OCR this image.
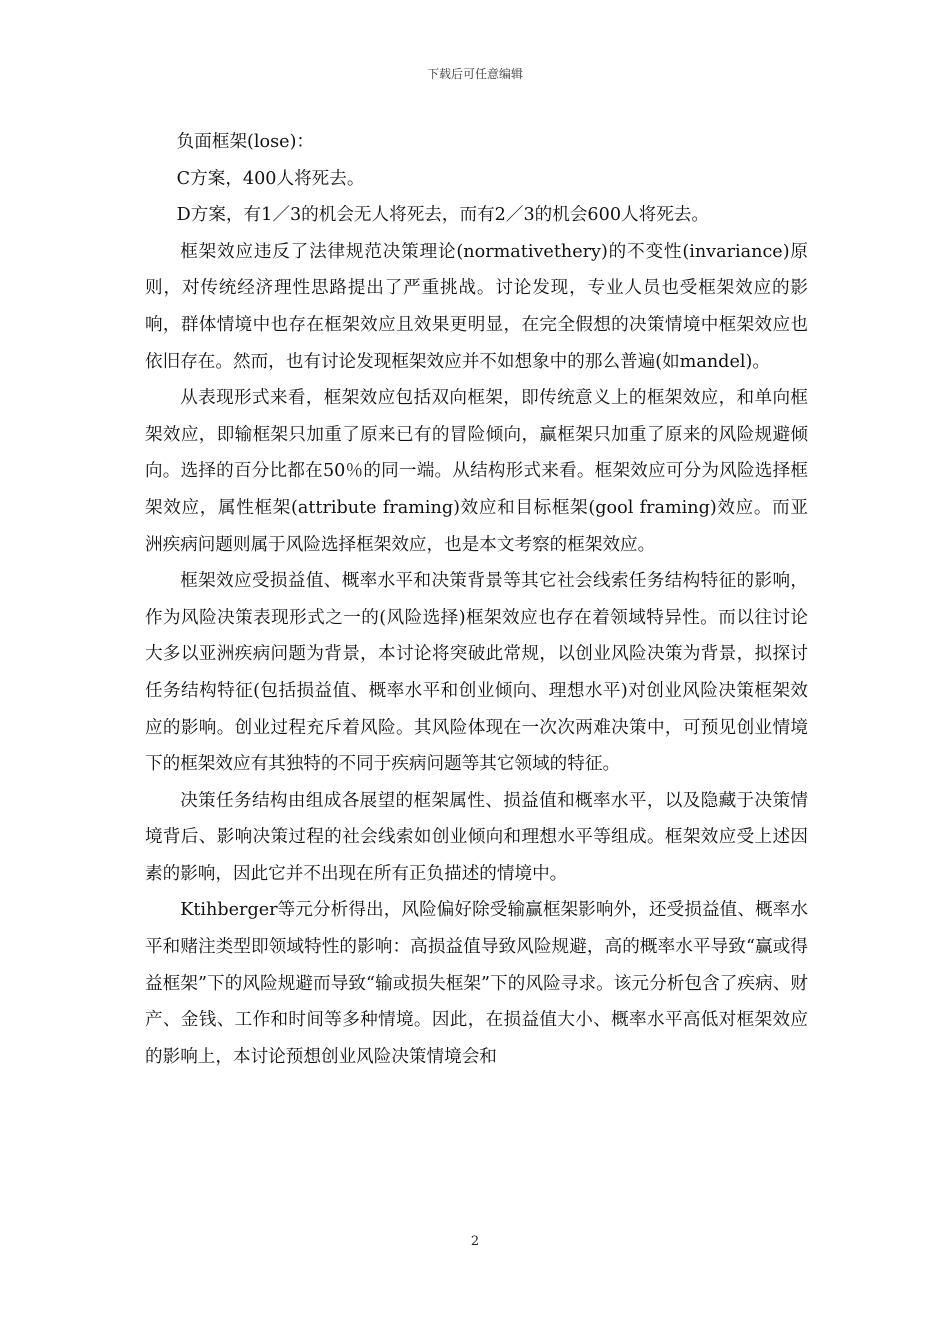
下载后可任意编辑

负面框架(lose)：

C方案，400人将死去。

D方案，有1／3的机会无人将死去，而有2／3的机会600人将死去。

框架效应违反了法律规范决策理论(normativethery)的不变性(invariance)原则，对传统经济理性思路提出了严重挑战。讨论发现，专业人员也受框架效应的影响，群体情境中也存在框架效应且效果更明显，在完全假想的决策情境中框架效应也依旧存在。然而，也有讨论发现框架效应并不如想象中的那么普遍(如mandel)。

从表现形式来看，框架效应包括双向框架，即传统意义上的框架效应，和单向框架效应，即输框架只加重了原来已有的冒险倾向，赢框架只加重了原来的风险规避倾向。选择的百分比都在50％的同一端。从结构形式来看。框架效应可分为风险选择框架效应，属性框架(attribute framing)效应和目标框架(gool framing)效应。而亚洲疾病问题则属于风险选择框架效应，也是本文考察的框架效应。

框架效应受损益值、概率水平和决策背景等其它社会线索任务结构特征的影响，作为风险决策表现形式之一的(风险选择)框架效应也存在着领域特异性。而以往讨论大多以亚洲疾病问题为背景，本讨论将突破此常规，以创业风险决策为背景，拟探讨任务结构特征(包括损益值、概率水平和创业倾向、理想水平)对创业风险决策框架效应的影响。创业过程充斥着风险。其风险体现在一次次两难决策中，可预见创业情境下的框架效应有其独特的不同于疾病问题等其它领域的特征。

决策任务结构由组成各展望的框架属性、损益值和概率水平，以及隐藏于决策情境背后、影响决策过程的社会线索如创业倾向和理想水平等组成。框架效应受上述因素的影响，因此它并不出现在所有正负描述的情境中。

Ktihberger等元分析得出，风险偏好除受输赢框架影响外，还受损益值、概率水平和赌注类型即领域特性的影响：高损益值导致风险规避，高的概率水平导致“赢或得益框架”下的风险规避而导致“输或损失框架”下的风险寻求。该元分析包含了疾病、财产、金钱、工作和时间等多种情境。因此，在损益值大小、概率水平高低对框架效应的影响上，本讨论预想创业风险决策情境会和

2
